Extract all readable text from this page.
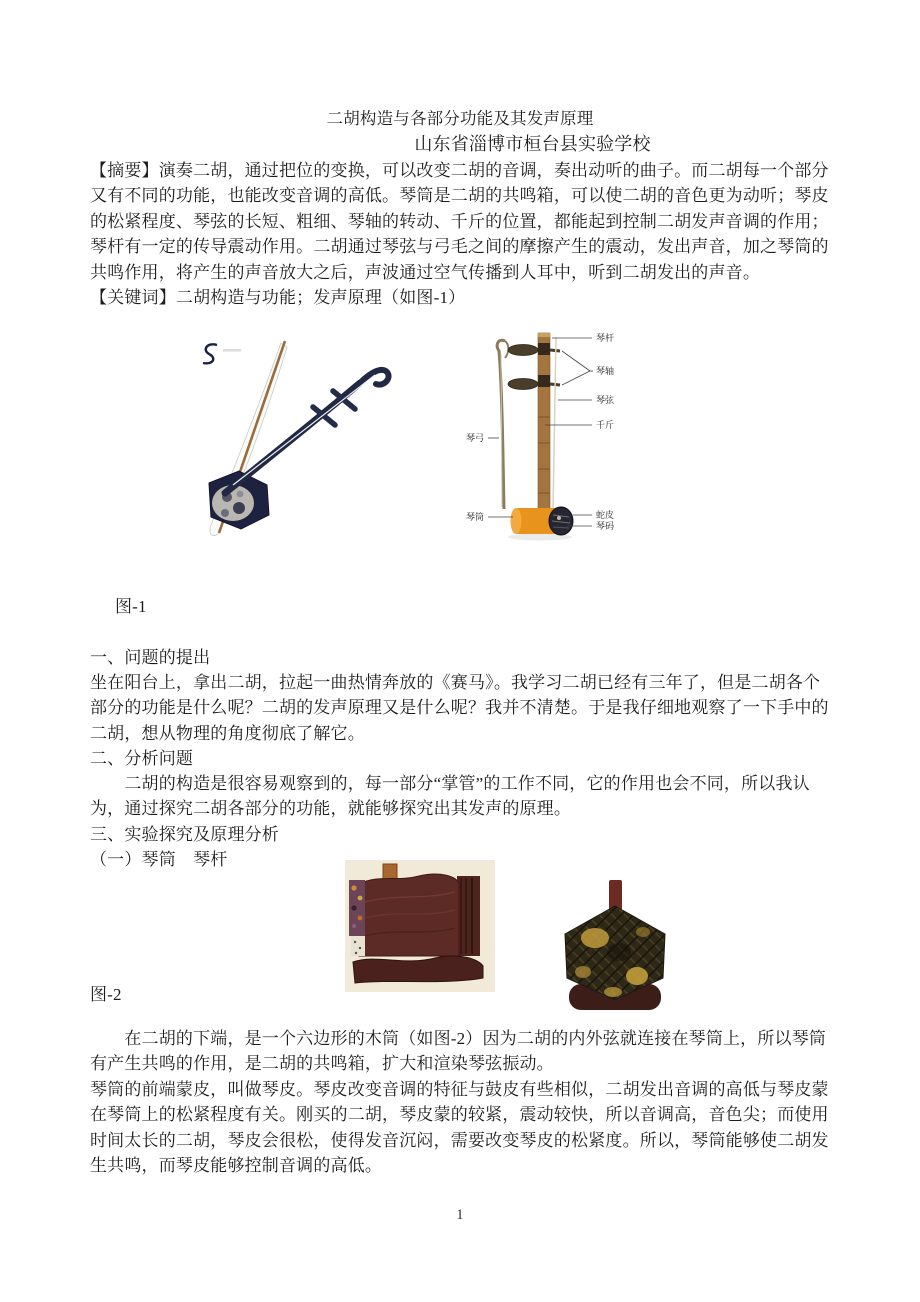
二胡构造与各部分功能及其发声原理
山东省淄博市桓台县实验学校
【摘要】演奏二胡，通过把位的变换，可以改变二胡的音调，奏出动听的曲子。而二胡每一个部分
又有不同的功能，也能改变音调的高低。琴筒是二胡的共鸣箱，可以使二胡的音色更为动听；琴皮
的松紧程度、琴弦的长短、粗细、琴轴的转动、千斤的位置，都能起到控制二胡发声音调的作用；
琴杆有一定的传导震动作用。二胡通过琴弦与弓毛之间的摩擦产生的震动，发出声音，加之琴筒的
共鸣作用，将产生的声音放大之后，声波通过空气传播到人耳中，听到二胡发出的声音。
【关键词】二胡构造与功能；发声原理（如图-1）
琴杆
琴轴
琴弦
千斤
琴弓
琴筒	蛇皮
琴码
图-1
一、问题的提出
坐在阳台上，拿出二胡，拉起一曲热情奔放的《赛马》。我学习二胡已经有三年了，但是二胡各个
部分的功能是什么呢？二胡的发声原理又是什么呢？我并不清楚。于是我仔细地观察了一下手中的
二胡，想从物理的角度彻底了解它。
二、分析问题
　　二胡的构造是很容易观察到的，每一部分“掌管”的工作不同，它的作用也会不同，所以我认
为，通过探究二胡各部分的功能，就能够探究出其发声的原理。
三、实验探究及原理分析
（一）琴筒　琴杆
图-2
　　在二胡的下端，是一个六边形的木筒（如图-2）因为二胡的内外弦就连接在琴筒上，所以琴筒
有产生共鸣的作用，是二胡的共鸣箱，扩大和渲染琴弦振动。
琴筒的前端蒙皮，叫做琴皮。琴皮改变音调的特征与鼓皮有些相似，二胡发出音调的高低与琴皮蒙
在琴筒上的松紧程度有关。刚买的二胡，琴皮蒙的较紧，震动较快，所以音调高，音色尖；而使用
时间太长的二胡，琴皮会很松，使得发音沉闷，需要改变琴皮的松紧度。所以，琴筒能够使二胡发
生共鸣，而琴皮能够控制音调的高低。
1
